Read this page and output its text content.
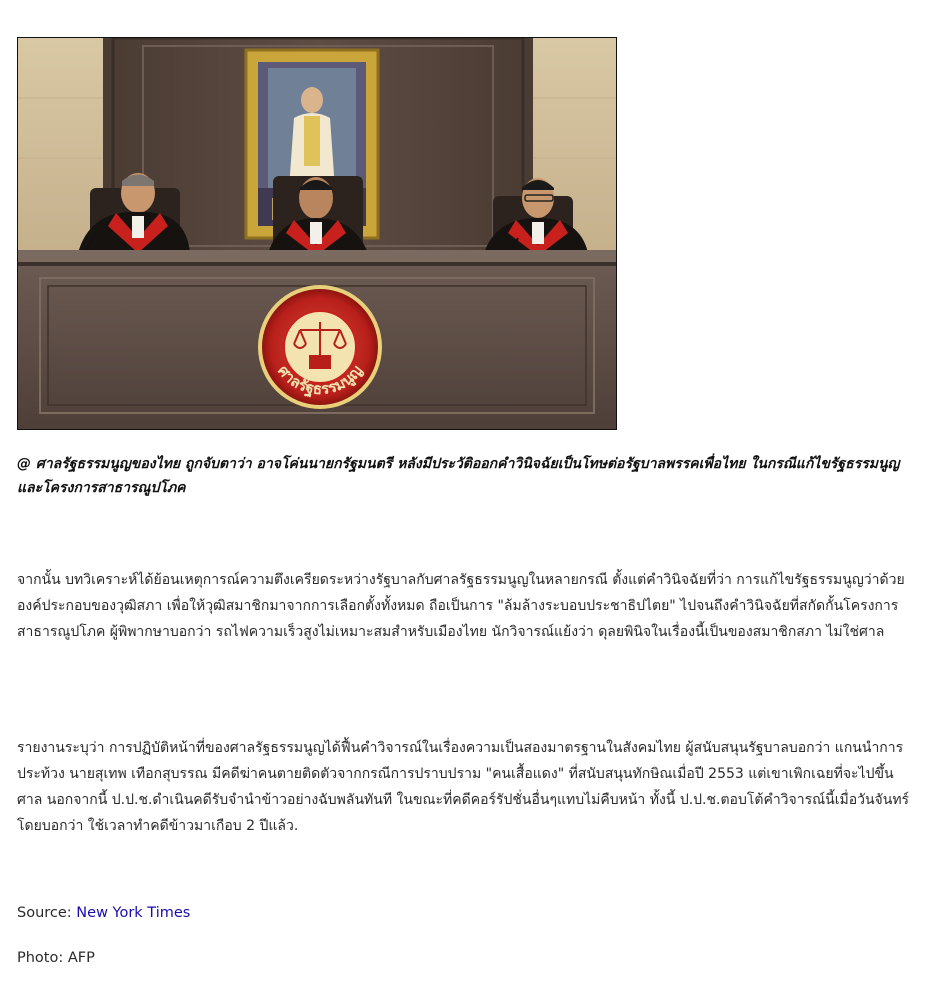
ศาลรัฐธรรมนูญ
@ ศาลรัฐธรรมนูญของไทย ถูกจับตาว่า อาจโค่นนายกรัฐมนตรี หลังมีประวัติออกคำวินิจฉัยเป็นโทษต่อรัฐบาลพรรคเพื่อไทย ในกรณีแก้ไขรัฐธรรมนูญ และโครงการสาธารณูปโภค

จากนั้น บทวิเคราะห์ได้ย้อนเหตุการณ์ความตึงเครียดระหว่างรัฐบาลกับศาลรัฐธรรมนูญในหลายกรณี ตั้งแต่คำวินิจฉัยที่ว่า การแก้ไขรัฐธรรมนูญว่าด้วยองค์ประกอบของวุฒิสภา เพื่อให้วุฒิสมาชิกมาจากการเลือกตั้งทั้งหมด ถือเป็นการ "ล้มล้างระบอบประชาธิปไตย" ไปจนถึงคำวินิจฉัยที่สกัดกั้นโครงการสาธารณูปโภค ผู้พิพากษาบอกว่า รถไฟความเร็วสูงไม่เหมาะสมสำหรับเมืองไทย นักวิจารณ์แย้งว่า ดุลยพินิจในเรื่องนี้เป็นของสมาชิกสภา ไม่ใช่ศาล

รายงานระบุว่า การปฏิบัติหน้าที่ของศาลรัฐธรรมนูญได้ฟื้นคำวิจารณ์ในเรื่องความเป็นสองมาตรฐานในสังคมไทย ผู้สนับสนุนรัฐบาลบอกว่า แกนนำการประท้วง นายสุเทพ เทือกสุบรรณ มีคดีฆ่าคนตายติดตัวจากกรณีการปราบปราม "คนเสื้อแดง" ที่สนับสนุนทักษิณเมื่อปี 2553 แต่เขาเพิกเฉยที่จะไปขึ้นศาล นอกจากนี้ ป.ป.ช.ดำเนินคดีรับจำนำข้าวอย่างฉับพลันทันที ในขณะที่คดีคอร์รัปชั่นอื่นๆแทบไม่คืบหน้า ทั้งนี้ ป.ป.ช.ตอบโต้คำวิจารณ์นี้เมื่อวันจันทร์ โดยบอกว่า ใช้เวลาทำคดีข้าวมาเกือบ 2 ปีแล้ว.

Source: New York Times
Photo: AFP
